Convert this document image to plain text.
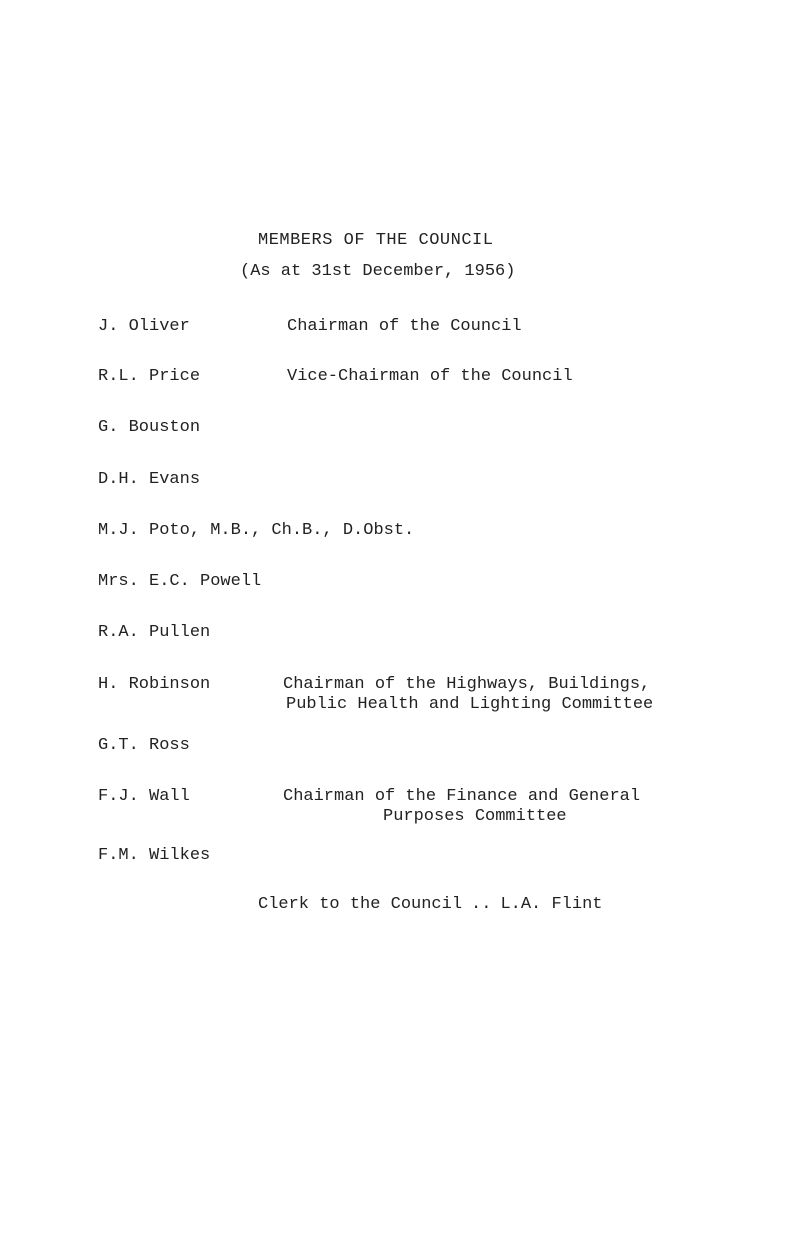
MEMBERS OF THE COUNCIL
(As at 31st December, 1956)
J. Oliver	Chairman of the Council
R.L. Price	Vice-Chairman of the Council
G. Bouston
D.H. Evans
M.J. Poto, M.B., Ch.B., D.Obst.
Mrs. E.C. Powell
R.A. Pullen
H. Robinson	Chairman of the Highways, Buildings,
Public Health and Lighting Committee
G.T. Ross
F.J. Wall	Chairman of the Finance and General
Purposes Committee
F.M. Wilkes
Clerk to the Council .. L.A. Flint
